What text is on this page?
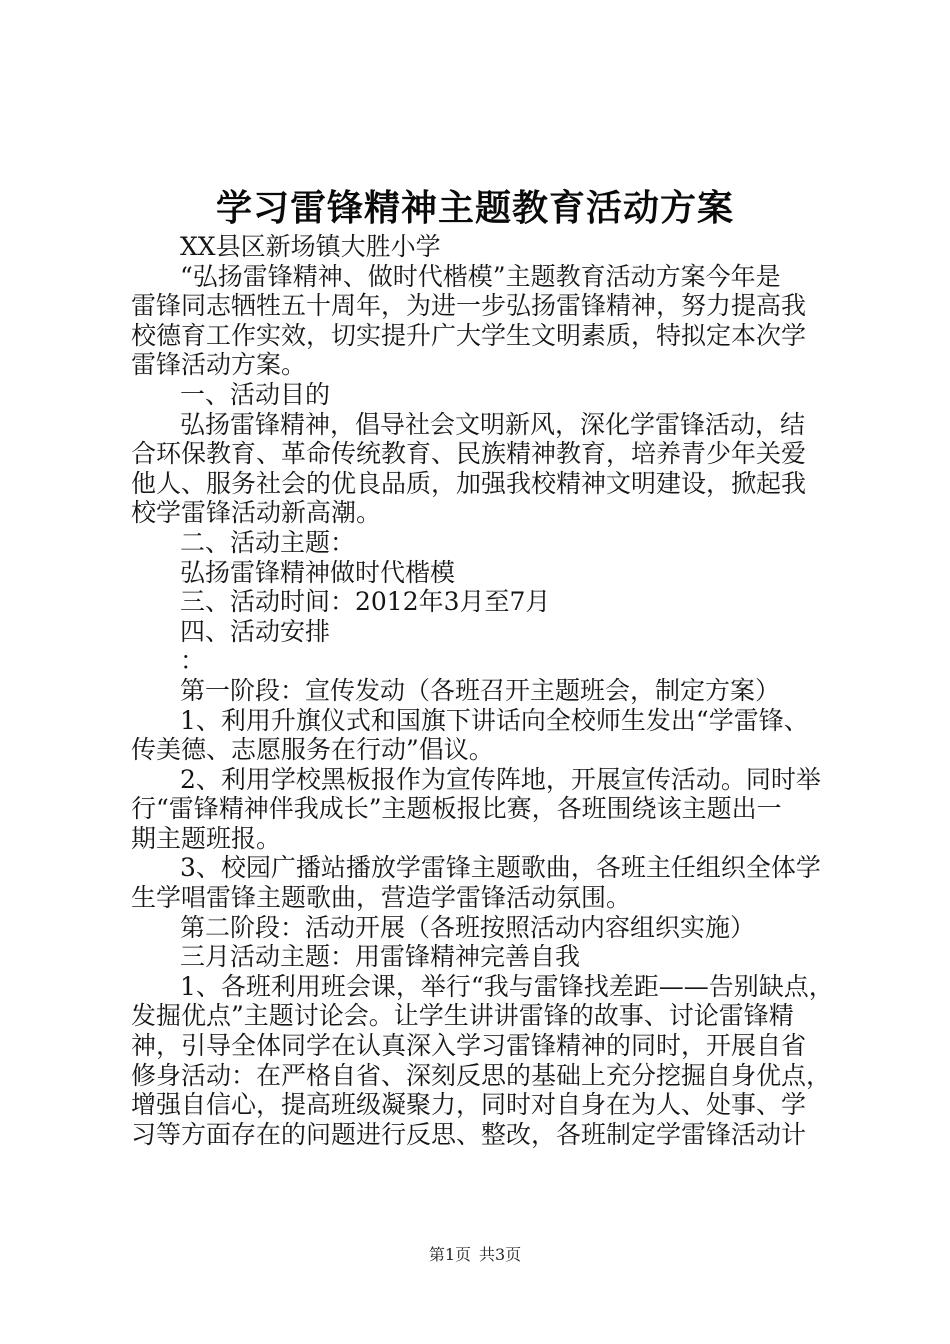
学习雷锋精神主题教育活动方案
XX县区新场镇大胜小学
“弘扬雷锋精神、做时代楷模”主题教育活动方案今年是
雷锋同志牺牲五十周年，为进一步弘扬雷锋精神，努力提高我
校德育工作实效，切实提升广大学生文明素质，特拟定本次学
雷锋活动方案。
一、活动目的
弘扬雷锋精神，倡导社会文明新风，深化学雷锋活动，结
合环保教育、革命传统教育、民族精神教育，培养青少年关爱
他人、服务社会的优良品质，加强我校精神文明建设，掀起我
校学雷锋活动新高潮。
二、活动主题：
弘扬雷锋精神做时代楷模
三、活动时间：2012年3月至7月
四、活动安排
：
第一阶段：宣传发动（各班召开主题班会，制定方案）
1、利用升旗仪式和国旗下讲话向全校师生发出“学雷锋、
传美德、志愿服务在行动”倡议。
2、利用学校黑板报作为宣传阵地，开展宣传活动。同时举
行“雷锋精神伴我成长”主题板报比赛，各班围绕该主题出一
期主题班报。
3、校园广播站播放学雷锋主题歌曲，各班主任组织全体学
生学唱雷锋主题歌曲，营造学雷锋活动氛围。
第二阶段：活动开展（各班按照活动内容组织实施）
三月活动主题：用雷锋精神完善自我
1、各班利用班会课，举行“我与雷锋找差距——告别缺点，
发掘优点”主题讨论会。让学生讲讲雷锋的故事、讨论雷锋精
神，引导全体同学在认真深入学习雷锋精神的同时，开展自省
修身活动：在严格自省、深刻反思的基础上充分挖掘自身优点，
增强自信心，提高班级凝聚力，同时对自身在为人、处事、学
习等方面存在的问题进行反思、整改，各班制定学雷锋活动计
第1页 共3页
